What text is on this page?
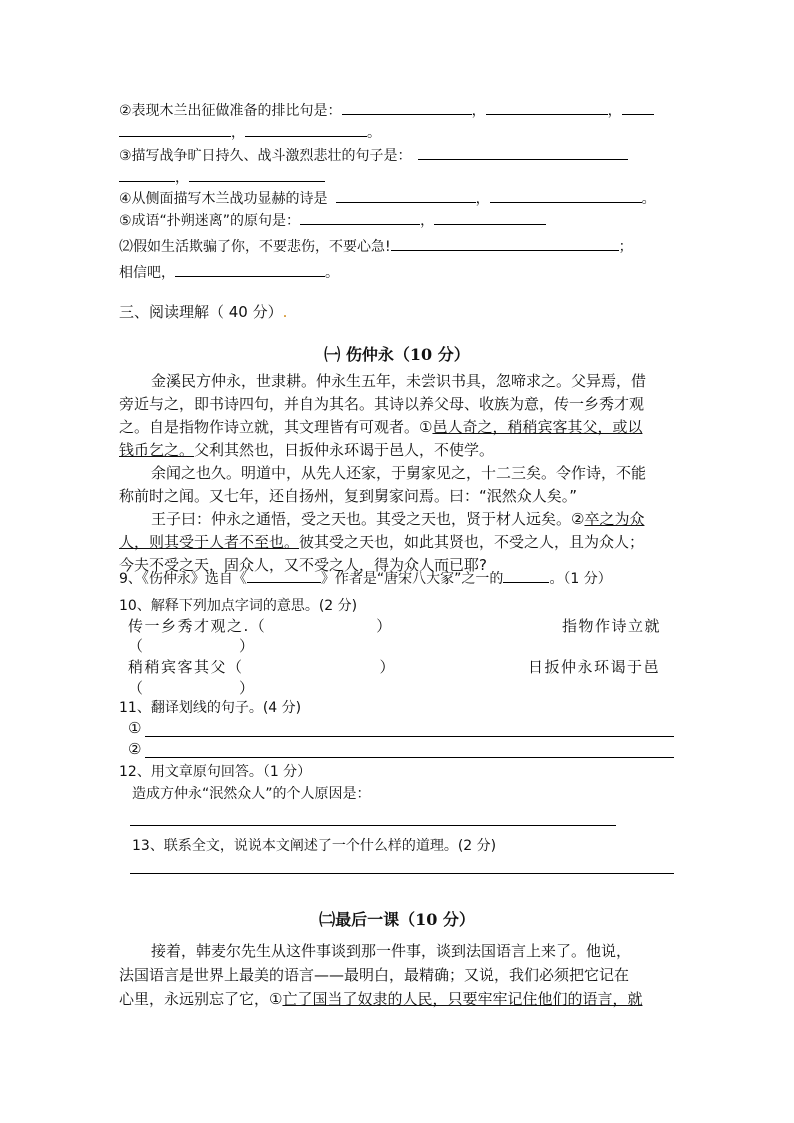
②表现木兰出征做准备的排比句是：	，	，
，	。
③描写战争旷日持久、战斗激烈悲壮的句子是：
，
④从侧面描写木兰战功显赫的诗是	，	。
⑤成语“扑朔迷离”的原句是：	，
⑵假如生活欺骗了你，不要悲伤，不要心急!	；
相信吧，	。
三、阅读理解（ 40 分）.
㈠ 伤仲永（10 分）
金溪民方仲永，世隶耕。仲永生五年，未尝识书具，忽啼求之。父异焉，借
旁近与之，即书诗四句，并自为其名。其诗以养父母、收族为意，传一乡秀才观
之。自是指物作诗立就，其文理皆有可观者。①邑人奇之，稍稍宾客其父，或以
钱币乞之。父利其然也，日扳仲永环谒于邑人，不使学。
余闻之也久。明道中，从先人还家，于舅家见之，十二三矣。令作诗，不能
称前时之闻。又七年，还自扬州，复到舅家问焉。曰：“泯然众人矣。”
王子曰：仲永之通悟，受之天也。其受之天也，贤于材人远矣。②卒之为众
人，则其受于人者不至也。彼其受之天也，如此其贤也，不受之人，且为众人；
今夫不受之天，固众人，又不受之人，得为众人而已耶?
9、《伤仲永》选自《	》作者是“唐宋八大家”之一的	。（1 分）
10、解释下列加点字词的意思。(2 分)
传一乡秀才观之.（	）	指物作诗立就
（	）
稍稍宾客其父（	）	日扳仲永环谒于邑
（	）
11、翻译划线的句子。(4 分)
①
②
12、用文章原句回答。（1 分）
造成方仲永“泯然众人”的个人原因是：
13、联系全文，说说本文阐述了一个什么样的道理。(2 分)
㈡最后一课（10 分）
接着，韩麦尔先生从这件事谈到那一件事，谈到法国语言上来了。他说，
法国语言是世界上最美的语言——最明白，最精确；又说，我们必须把它记在
心里，永远别忘了它，①亡了国当了奴隶的人民，只要牢牢记住他们的语言，就
